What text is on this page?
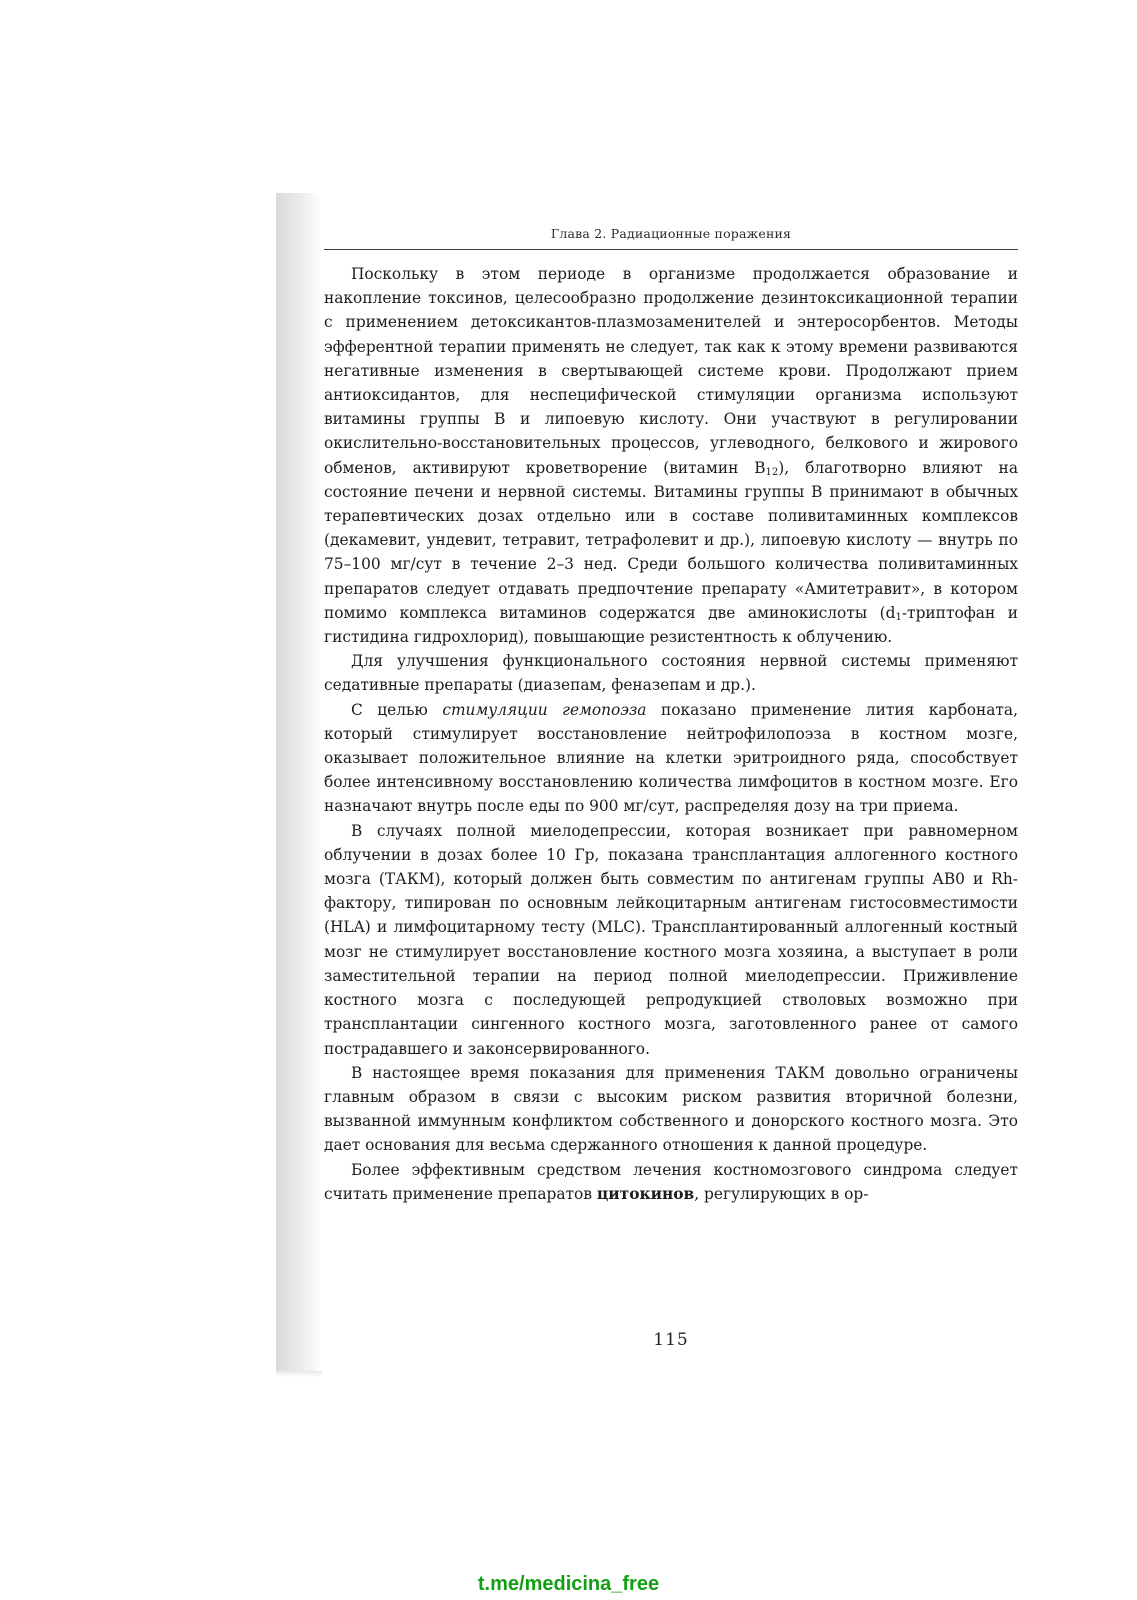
Глава 2. Радиационные поражения

Поскольку в этом периоде в организме продолжается образование и накопление токсинов, целесообразно продолжение дезинтоксикационной терапии с применением детоксикантов-плазмозаменителей и энтеросорбентов. Методы эфферентной терапии применять не следует, так как к этому времени развиваются негативные изменения в свертывающей системе крови. Продолжают прием антиоксидантов, для неспецифической стимуляции организма используют витамины группы В и липоевую кислоту. Они участвуют в регулировании окислительно-восстановительных процессов, углеводного, белкового и жирового обменов, активируют кроветворение (витамин $B_{12}$), благотворно влияют на состояние печени и нервной системы. Витамины группы В принимают в обычных терапевтических дозах отдельно или в составе поливитаминных комплексов (декамевит, ундевит, тетравит, тетрафолевит и др.), липоевую кислоту — внутрь по 75–100 мг/сут в течение 2–3 нед. Среди большого количества поливитаминных препаратов следует отдавать предпочтение препарату «Амитетравит», в котором помимо комплекса витаминов содержатся две аминокислоты ($d_1$-триптофан и гистидина гидрохлорид), повышающие резистентность к облучению.

Для улучшения функционального состояния нервной системы применяют седативные препараты (диазепам, феназепам и др.).

С целью стимуляции гемопоэза показано применение лития карбоната, который стимулирует восстановление нейтрофилопоэза в костном мозге, оказывает положительное влияние на клетки эритроидного ряда, способствует более интенсивному восстановлению количества лимфоцитов в костном мозге. Его назначают внутрь после еды по 900 мг/сут, распределяя дозу на три приема.

В случаях полной миелодепрессии, которая возникает при равномерном облучении в дозах более 10 Гр, показана трансплантация аллогенного костного мозга (ТАКМ), который должен быть совместим по антигенам группы АВ0 и Rh-фактору, типирован по основным лейкоцитарным антигенам гистосовместимости (HLA) и лимфоцитарному тесту (MLC). Трансплантированный аллогенный костный мозг не стимулирует восстановление костного мозга хозяина, а выступает в роли заместительной терапии на период полной миелодепрессии. Приживление костного мозга с последующей репродукцией стволовых возможно при трансплантации сингенного костного мозга, заготовленного ранее от самого пострадавшего и законсервированного.

В настоящее время показания для применения ТАКМ довольно ограничены главным образом в связи с высоким риском развития вторичной болезни, вызванной иммунным конфликтом собственного и донорского костного мозга. Это дает основания для весьма сдержанного отношения к данной процедуре.

Более эффективным средством лечения костномозгового синдрома следует считать применение препаратов цитокинов, регулирующих в ор-

115
t.me/medicina_free
